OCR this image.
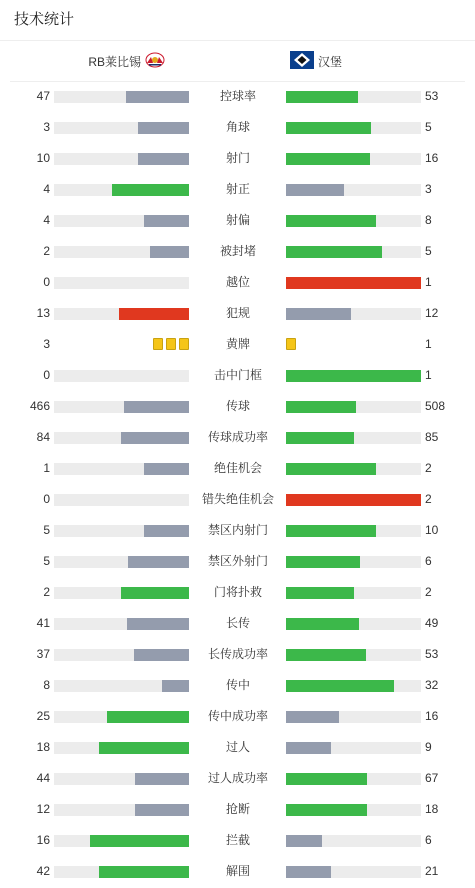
技术统计
RB莱比锡	汉堡
47	控球率	53
3	角球	5
10	射门	16
4	射正	3
4	射偏	8
2	被封堵	5
0	越位	1
13	犯规	12
3	黄牌	1
0	击中门框	1
466	传球	508
84	传球成功率	85
1	绝佳机会	2
0	错失绝佳机会	2
5	禁区内射门	10
5	禁区外射门	6
2	门将扑救	2
41	长传	49
37	长传成功率	53
8	传中	32
25	传中成功率	16
18	过人	9
44	过人成功率	67
12	抢断	18
16	拦截	6
42	解围	21
